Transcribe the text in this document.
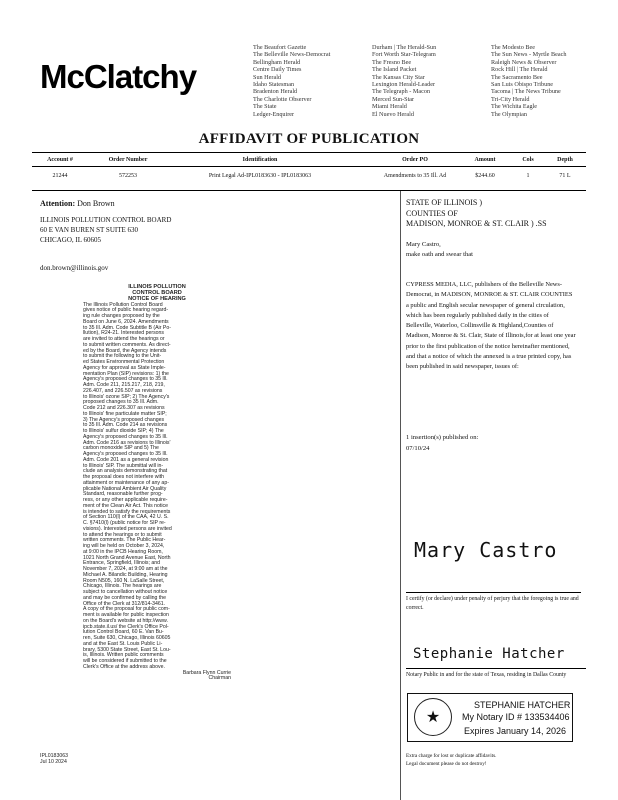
McClatchy
The Beaufort Gazette
The Belleville News-Democrat
Bellingham Herald
Centre Daily Times
Sun Herald
Idaho Statesman
Bradenton Herald
The Charlotte Observer
The State
Ledger-Enquirer
Durham | The Herald-Sun
Fort Worth Star-Telegram
The Fresno Bee
The Island Packet
The Kansas City Star
Lexington Herald-Leader
The Telegraph - Macon
Merced Sun-Star
Miami Herald
El Nuevo Herald
The Modesto Bee
The Sun News - Myrtle Beach
Raleigh News & Observer
Rock Hill | The Herald
The Sacramento Bee
San Luis Obispo Tribune
Tacoma | The News Tribune
Tri-City Herald
The Wichita Eagle
The Olympian
AFFIDAVIT OF PUBLICATION
Account #	Order Number	Identification	Order PO	Amount	Cols	Depth
21244	572253	Print Legal Ad-IPL0183630 - IPL0183063	Amendments to 35 Ill. Ad	$244.60	1	71 L
Attention: Don Brown
ILLINOIS POLLUTION CONTROL BOARD
60 E VAN BUREN ST SUITE 630
CHICAGO, IL 60605
don.brown@illinois.gov
ILLINOIS POLLUTION
CONTROL BOARD
NOTICE OF HEARING
The Illinois Pollution Control Board
gives notice of public hearing regard-
ing rule changes proposed by the
Board on June 6, 2024. Amendments
to 35 Ill. Adm. Code Subtitle B (Air Po-
llution), R24-21. Interested persons
are invited to attend the hearings or
to submit written comments. As direct-
ed by the Board, the Agency intends
to submit the following to the Unit-
ed States Environmental Protection
Agency for approval as State Imple-
mentation Plan (SIP) revisions: 1) the
Agency's proposed changes to 35 Ill.
Adm. Code 211, 215.217, 218, 219,
226.407, and 226.507 as revisions
to Illinois' ozone SIP; 2) The Agency's
proposed changes to 35 Ill. Adm.
Code 212 and 226.307 as revisions
to Illinois' fine particulate matter SIP;
3) The Agency's proposed changes
to 35 Ill. Adm. Code 214 as revisions
to Illinois' sulfur dioxide SIP; 4) The
Agency's proposed changes to 35 Ill.
Adm. Code 216 as revisions to Illinois'
carbon monoxide SIP and 5) The
Agency's proposed changes to 35 Ill.
Adm. Code 201 as a general revision
to Illinois' SIP. The submittal will in-
clude an analysis demonstrating that
the proposal does not interfere with
attainment or maintenance of any ap-
plicable National Ambient Air Quality
Standard, reasonable further prog-
ress, or any other applicable require-
ment of the Clean Air Act. This notice
is intended to satisfy the requirements
of Section 110(l) of the CAA, 42 U. S.
C. §7410(l) (public notice for SIP re-
visions). Interested persons are invited
to attend the hearings or to submit
written comments. The Public Hear-
ing will be held on October 3, 2024,
at 9:00 in the IPCB Hearing Room,
1021 North Grand Avenue East, North
Entrance, Springfield, Illinois; and
November 7, 2024, at 9:00 am at the
Michael A. Bilandic Building, Hearing
Room N505, 160 N. LaSalle Street,
Chicago, Illinois. The hearings are
subject to cancellation without notice
and may be confirmed by calling the
Office of the Clerk at 312/814-3461.
A copy of the proposal for public com-
ment is available for public inspection
on the Board's website at http://www.
ipcb.state.il.us/ the Clerk's Office Pol-
lution Control Board, 60 E. Van Bu-
ren, Suite 630, Chicago, Illinois 60605
and at the East St. Louis Public Li-
brary, 5300 State Street, East St. Lou-
is, Illinois. Written public comments
will be considered if submitted to the
Clerk's Office at the address above.
Barbara Flynn Currie
Chairman
IPL0183063
Jul 10 2024
STATE OF ILLINOIS )
COUNTIES OF
MADISON, MONROE & ST. CLAIR ) .SS
Mary Castro,
make oath and swear that
CYPRESS MEDIA, LLC, publishers of the Belleville News-Democrat, in MADISON, MONROE & ST. CLAIR COUNTIES a public and English secular newspaper of general circulation, which has been regularly published daily in the cities of Belleville, Waterloo, Collinsville & Highland,Counties of Madison, Monroe & St. Clair, State of Illinois,for at least one year prior to the first publication of the notice hereinafter mentioned, and that a notice of which the annexed is a true printed copy, has been published in said newspaper, issues of:
1 insertion(s) published on:
07/10/24
Mary Castro
I certify (or declare) under penalty of perjury that the foregoing is true and correct.
Stephanie Hatcher
Notary Public in and for the state of Texas, residing in Dallas County
★
STEPHANIE HATCHER
My Notary ID # 133534406
Expires January 14, 2026
Extra charge for lost or duplicate affidavits.
Legal document please do not destroy!
